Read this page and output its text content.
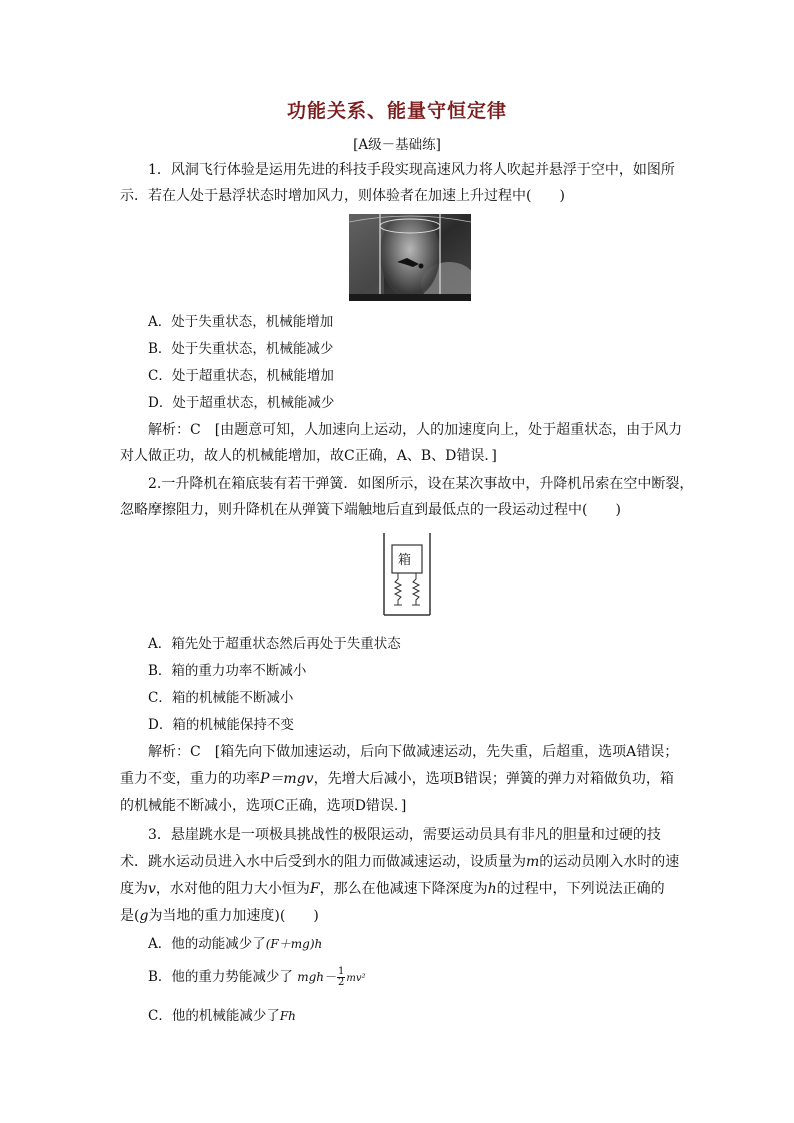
功能关系、能量守恒定律
[A级－基础练]
1．风洞飞行体验是运用先进的科技手段实现高速风力将人吹起并悬浮于空中，如图所
示．若在人处于悬浮状态时增加风力，则体验者在加速上升过程中(　　)
A．处于失重状态，机械能增加
B．处于失重状态，机械能减少
C．处于超重状态，机械能增加
D．处于超重状态，机械能减少
解析：C　[由题意可知，人加速向上运动，人的加速度向上，处于超重状态，由于风力
对人做正功，故人的机械能增加，故C正确，A、B、D错误．]
2.一升降机在箱底装有若干弹簧．如图所示，设在某次事故中，升降机吊索在空中断裂，
忽略摩擦阻力，则升降机在从弹簧下端触地后直到最低点的一段运动过程中(　　)
箱
A．箱先处于超重状态然后再处于失重状态
B．箱的重力功率不断减小
C．箱的机械能不断减小
D．箱的机械能保持不变
解析：C　[箱先向下做加速运动，后向下做减速运动，先失重，后超重，选项A错误；
重力不变，重力的功率P＝mgv，先增大后减小，选项B错误；弹簧的弹力对箱做负功，箱
的机械能不断减小，选项C正确，选项D错误．]
3．悬崖跳水是一项极具挑战性的极限运动，需要运动员具有非凡的胆量和过硬的技
术．跳水运动员进入水中后受到水的阻力而做减速运动，设质量为m的运动员刚入水时的速
度为v，水对他的阻力大小恒为F，那么在他减速下降深度为h的过程中，下列说法正确的
是(g为当地的重力加速度)(　　)
A．他的动能减少了(F＋mg)h
B．他的重力势能减少了 $mgh- \frac{1}{2} mv^2$
C．他的机械能减少了Fh
